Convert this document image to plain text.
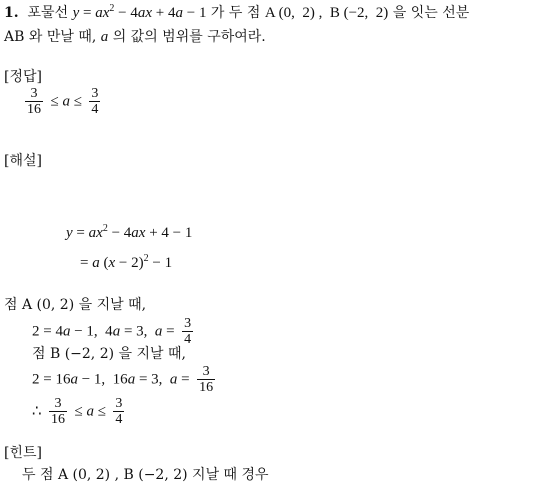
1. 포물선 $y = ax^2 - 4ax + 4a - 1$ 가 두 점 A (0,  2) ,  B (−2,  2) 을 잇는 선분
AB 와 만날 때, a 의 값의 범위를 구하여라.
[정답]
$\frac{3}{16} \le a \le \frac{3}{4}$
[해설]
$y = ax^2 - 4ax + 4 - 1$
= a $(x - 2)^2 - 1$
점 A (0, 2) 을 지날 때,
2 = 4a − 1,  4a = 3,  $a = \frac{3}{4}$
점 B (−2, 2) 을 지날 때,
2 = 16a − 1,  16a = 3,  $a = \frac{3}{16}$
∴ $\frac{3}{16} \le a \le \frac{3}{4}$
[힌트]
두 점 A (0, 2) , B (−2, 2) 지날 때 경우
